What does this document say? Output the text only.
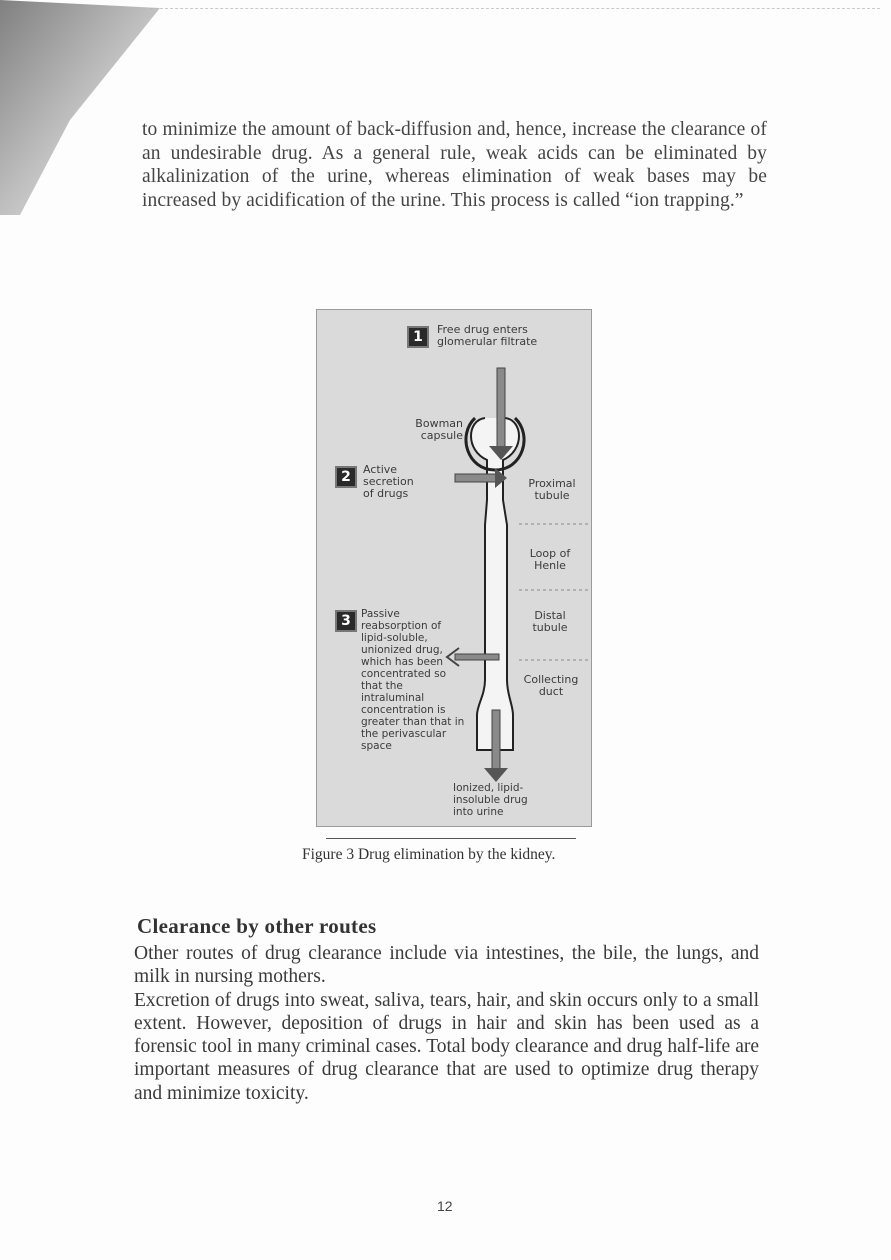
to minimize the amount of back-diffusion and, hence, increase the clearance of an undesirable drug. As a general rule, weak acids can be eliminated by alkalinization of the urine, whereas elimination of weak bases may be increased by acidification of the urine. This process is called “ion trapping.”
1	Free drug enters glomerular filtrate
Bowman capsule
2	Active secretion of drugs
Proximal tubule
Loop of Henle
Distal tubule
3 Passive reabsorption of lipid-soluble, unionized drug, which has been concentrated so that the intraluminal concentration is greater than that in the perivascular space
Collecting duct
Ionized, lipid-insoluble drug into urine
Figure 3 Drug elimination by the kidney.
Clearance by other routes

Other routes of drug clearance include via intestines, the bile, the lungs, and milk in nursing mothers.

Excretion of drugs into sweat, saliva, tears, hair, and skin occurs only to a small extent. However, deposition of drugs in hair and skin has been used as a forensic tool in many criminal cases. Total body clearance and drug half-life are important measures of drug clearance that are used to optimize drug therapy and minimize toxicity.

12
